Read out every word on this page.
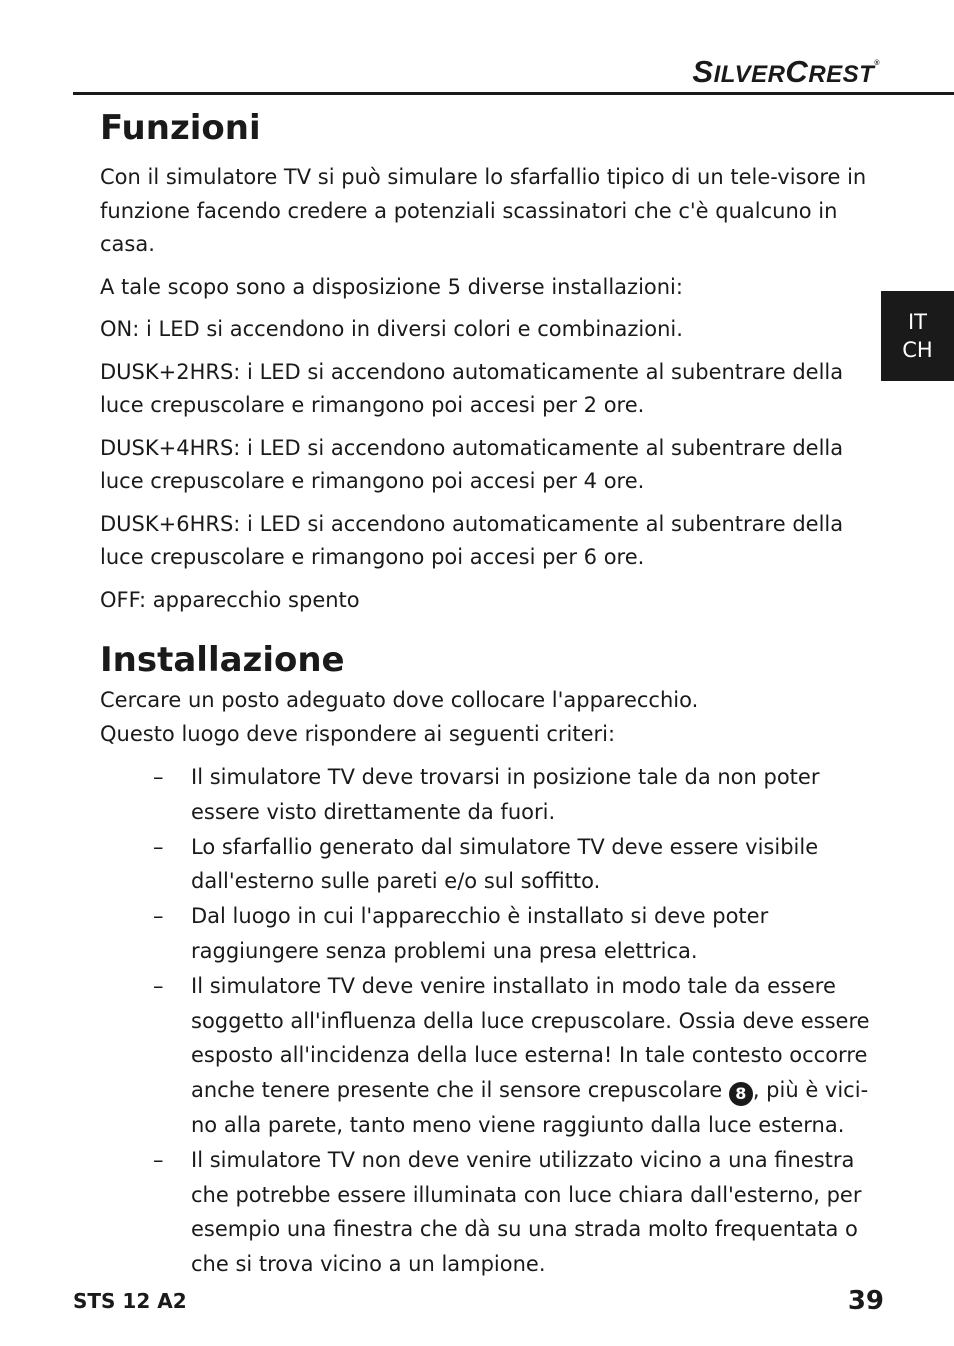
SILVERCREST®
IT
CH
Funzioni

Con il simulatore TV si può simulare lo sfarfallio tipico di un tele-visore in funzione facendo credere a potenziali scassinatori che c'è qualcuno in casa.

A tale scopo sono a disposizione 5 diverse installazioni:

ON: i LED si accendono in diversi colori e combinazioni.

DUSK+2HRS: i LED si accendono automaticamente al subentrare della luce crepuscolare e rimangono poi accesi per 2 ore.

DUSK+4HRS: i LED si accendono automaticamente al subentrare della luce crepuscolare e rimangono poi accesi per 4 ore.

DUSK+6HRS: i LED si accendono automaticamente al subentrare della luce crepuscolare e rimangono poi accesi per 6 ore.

OFF: apparecchio spento

Installazione

Cercare un posto adeguato dove collocare l'apparecchio.

Questo luogo deve rispondere ai seguenti criteri:

– Il simulatore TV deve trovarsi in posizione tale da non poter essere visto direttamente da fuori.
– Lo sfarfallio generato dal simulatore TV deve essere visibile dall'esterno sulle pareti e/o sul soffitto.
– Dal luogo in cui l'apparecchio è installato si deve poter raggiungere senza problemi una presa elettrica.
– Il simulatore TV deve venire installato in modo tale da essere soggetto all'influenza della luce crepuscolare. Ossia deve essere esposto all'incidenza della luce esterna! In tale contesto occorre anche tenere presente che il sensore crepuscolare 8 , più è vici-no alla parete, tanto meno viene raggiunto dalla luce esterna.
– Il simulatore TV non deve venire utilizzato vicino a una finestra che potrebbe essere illuminata con luce chiara dall'esterno, per esempio una finestra che dà su una strada molto frequentata o che si trova vicino a un lampione.
STS 12 A2	39
